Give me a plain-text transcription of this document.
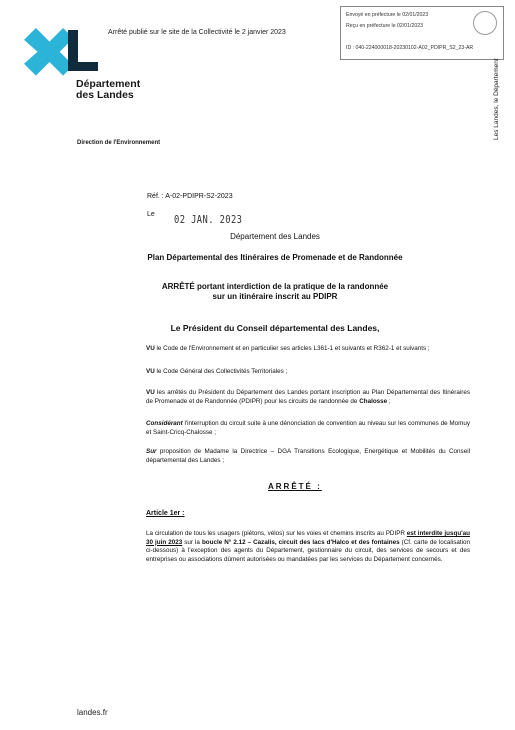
Département
des Landes
Arrêté publié sur le site de la Collectivité le 2 janvier 2023
Envoyé en préfecture le 02/01/2023
Reçu en préfecture le 02/01/2023
ID : 040-224000018-20230102-A02_PDIPR_S2_23-AR
Les Landes, le Département
Direction de l'Environnement
Réf. : A-02-PDIPR-S2-2023
Le 02 JAN. 2023
Département des Landes
Plan Départemental des Itinéraires de Promenade et de Randonnée
ARRÊTÉ portant interdiction de la pratique de la randonnée
sur un itinéraire inscrit au PDIPR
Le Président du Conseil départemental des Landes,
VU le Code de l'Environnement et en particulier ses articles L361-1 et suivants et R362-1 et suivants ;
VU le Code Général des Collectivités Territoriales ;
VU les arrêtés du Président du Département des Landes portant inscription au Plan Départemental des Itinéraires de Promenade et de Randonnée (PDIPR) pour les circuits de randonnée de Chalosse ;
Considérant l'interruption du circuit suite à une dénonciation de convention au niveau sur les communes de Momuy et Saint-Cricq-Chalosse ;
Sur proposition de Madame la Directrice – DGA Transitions Ecologique, Energétique et Mobilités du Conseil départemental des Landes ;
ARRÊTÉ :
Article 1er :
La circulation de tous les usagers (piétons, vélos) sur les voies et chemins inscrits au PDIPR est interdite jusqu'au 30 juin 2023 sur la boucle N° 2.12 – Cazalis, circuit des lacs d'Halco et des fontaines (Cf. carte de localisation ci-dessous) à l'exception des agents du Département, gestionnaire du circuit, des services de secours et des entreprises ou associations dûment autorisées ou mandatées par les services du Département concernés.
landes.fr
